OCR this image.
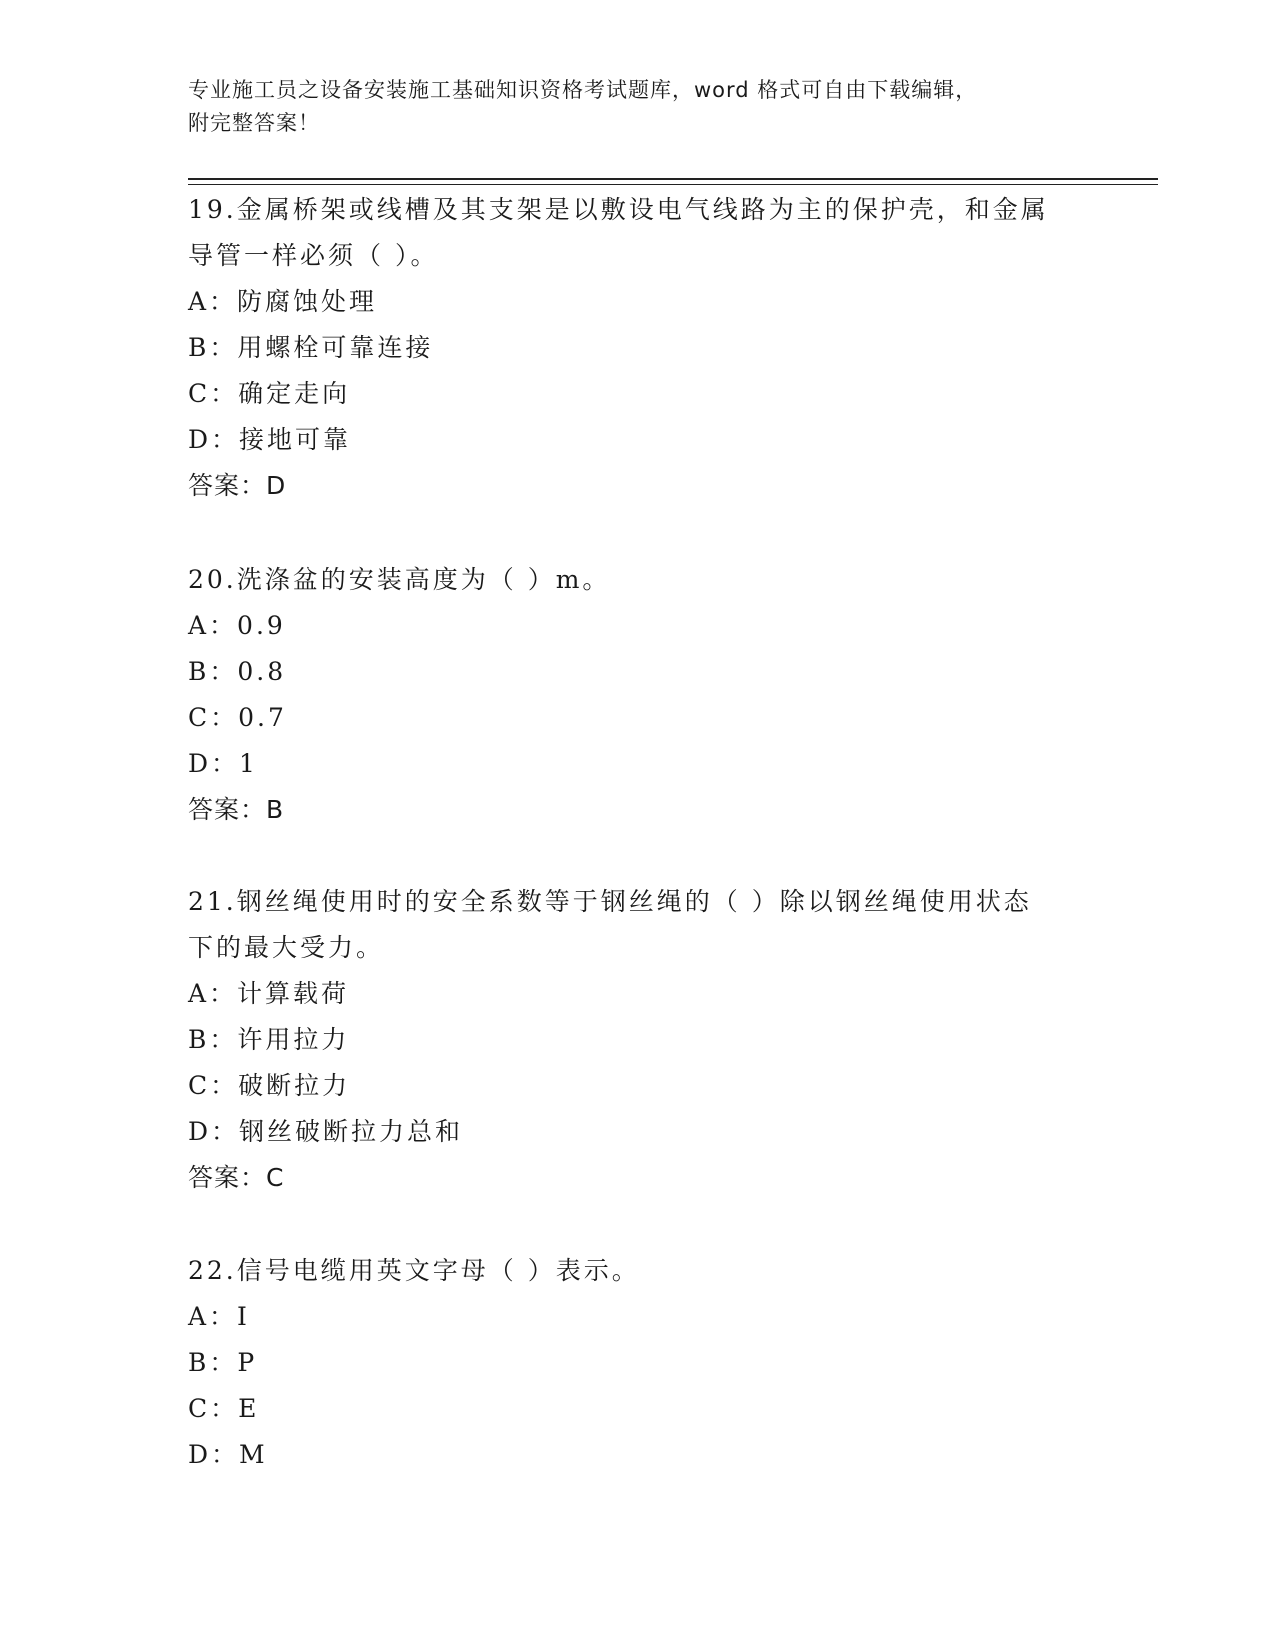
专业施工员之设备安装施工基础知识资格考试题库，word 格式可自由下载编辑，
附完整答案！
19.金属桥架或线槽及其支架是以敷设电气线路为主的保护壳，和金属
导管一样必须（ ）。
A：防腐蚀处理
B：用螺栓可靠连接
C：确定走向
D：接地可靠
答案：D
20.洗涤盆的安装高度为（ ）m。
A：0.9
B：0.8
C：0.7
D：1
答案：B
21.钢丝绳使用时的安全系数等于钢丝绳的（ ）除以钢丝绳使用状态
下的最大受力。
A：计算载荷
B：许用拉力
C：破断拉力
D：钢丝破断拉力总和
答案：C
22.信号电缆用英文字母（ ）表示。
A：I
B：P
C：E
D：M
